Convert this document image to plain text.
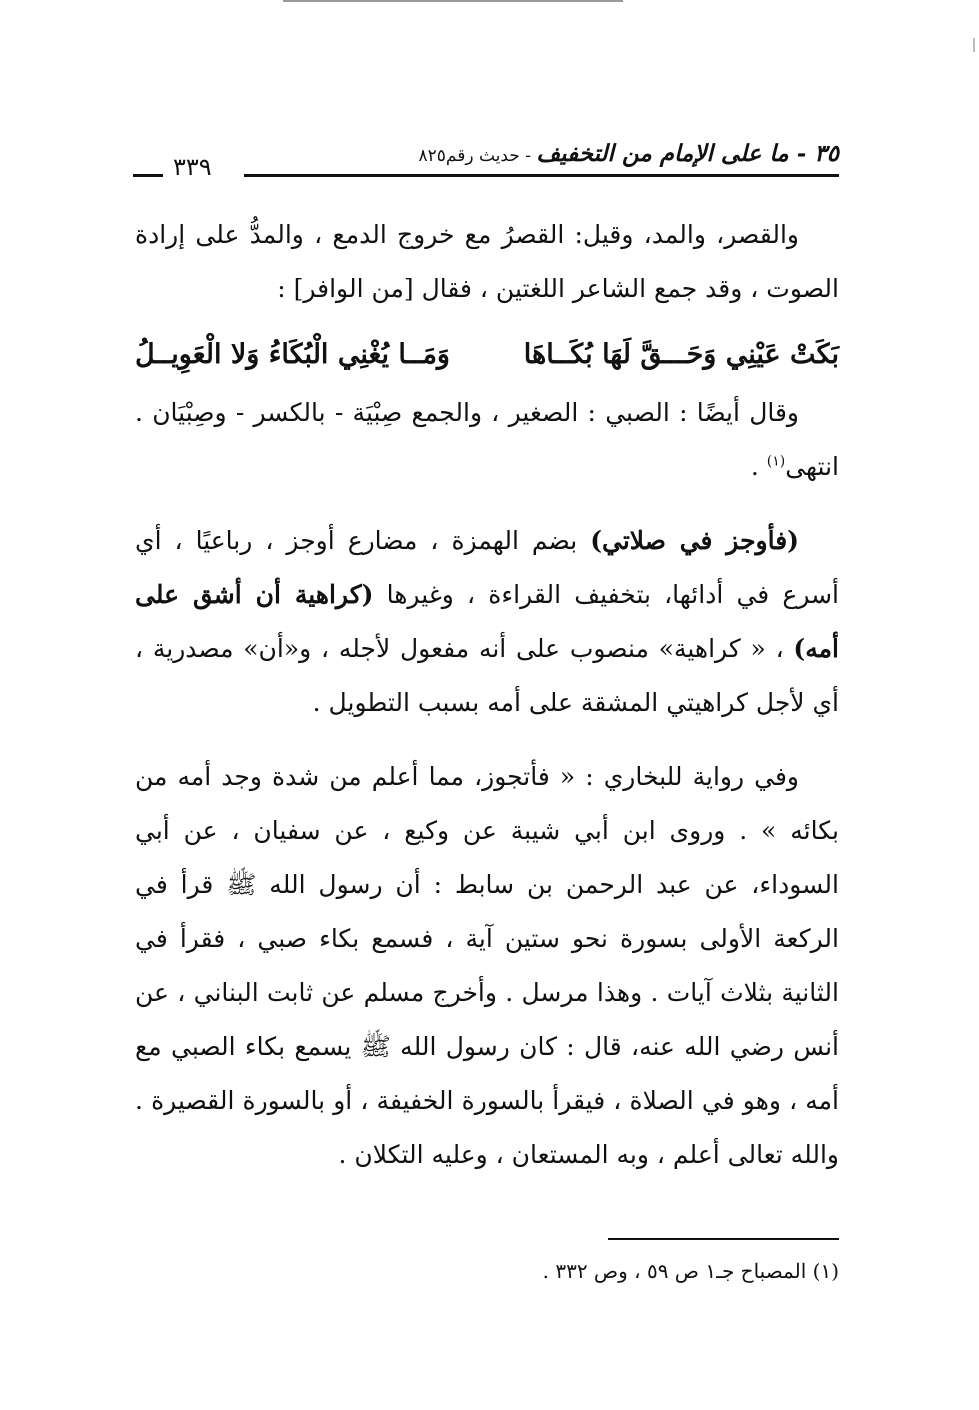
٣٥ - ما على الإمام من التخفيف - حديث رقم٨٢٥
٣٣٩

والقصر، والمد، وقيل: القصرُ مع خروج الدمع ، والمدُّ على إرادة الصوت ، وقد جمع الشاعر اللغتين ، فقال [من الوافر] :

بَكَتْ عَيْنِي وَحَـــقَّ لَهَا بُكَــاهَا
وَمَــا يُغْنِي الْبُكَاءُ وَلا الْعَوِيــلُ

وقال أيضًا : الصبي : الصغير ، والجمع صِبْيَة - بالكسر - وصِبْيَان . انتهى$^{(١)}$ .

(فأوجز في صلاتي) بضم الهمزة ، مضارع أوجز ، رباعيًا ، أي أسرع في أدائها، بتخفيف القراءة ، وغيرها (كراهية أن أشق على أمه) ، « كراهية» منصوب على أنه مفعول لأجله ، و«أن» مصدرية ، أي لأجل كراهيتي المشقة على أمه بسبب التطويل .

وفي رواية للبخاري : « فأتجوز، مما أعلم من شدة وجد أمه من بكائه » . وروى ابن أبي شيبة عن وكيع ، عن سفيان ، عن أبي السوداء، عن عبد الرحمن بن سابط : أن رسول الله ﷺ قرأ في الركعة الأولى بسورة نحو ستين آية ، فسمع بكاء صبي ، فقرأ في الثانية بثلاث آيات . وهذا مرسل . وأخرج مسلم عن ثابت البناني ، عن أنس رضي الله عنه، قال : كان رسول الله ﷺ يسمع بكاء الصبي مع أمه ، وهو في الصلاة ، فيقرأ بالسورة الخفيفة ، أو بالسورة القصيرة . والله تعالى أعلم ، وبه المستعان ، وعليه التكلان .

(١) المصباح جـ١ ص ٥٩ ، وص ٣٣٢ .
